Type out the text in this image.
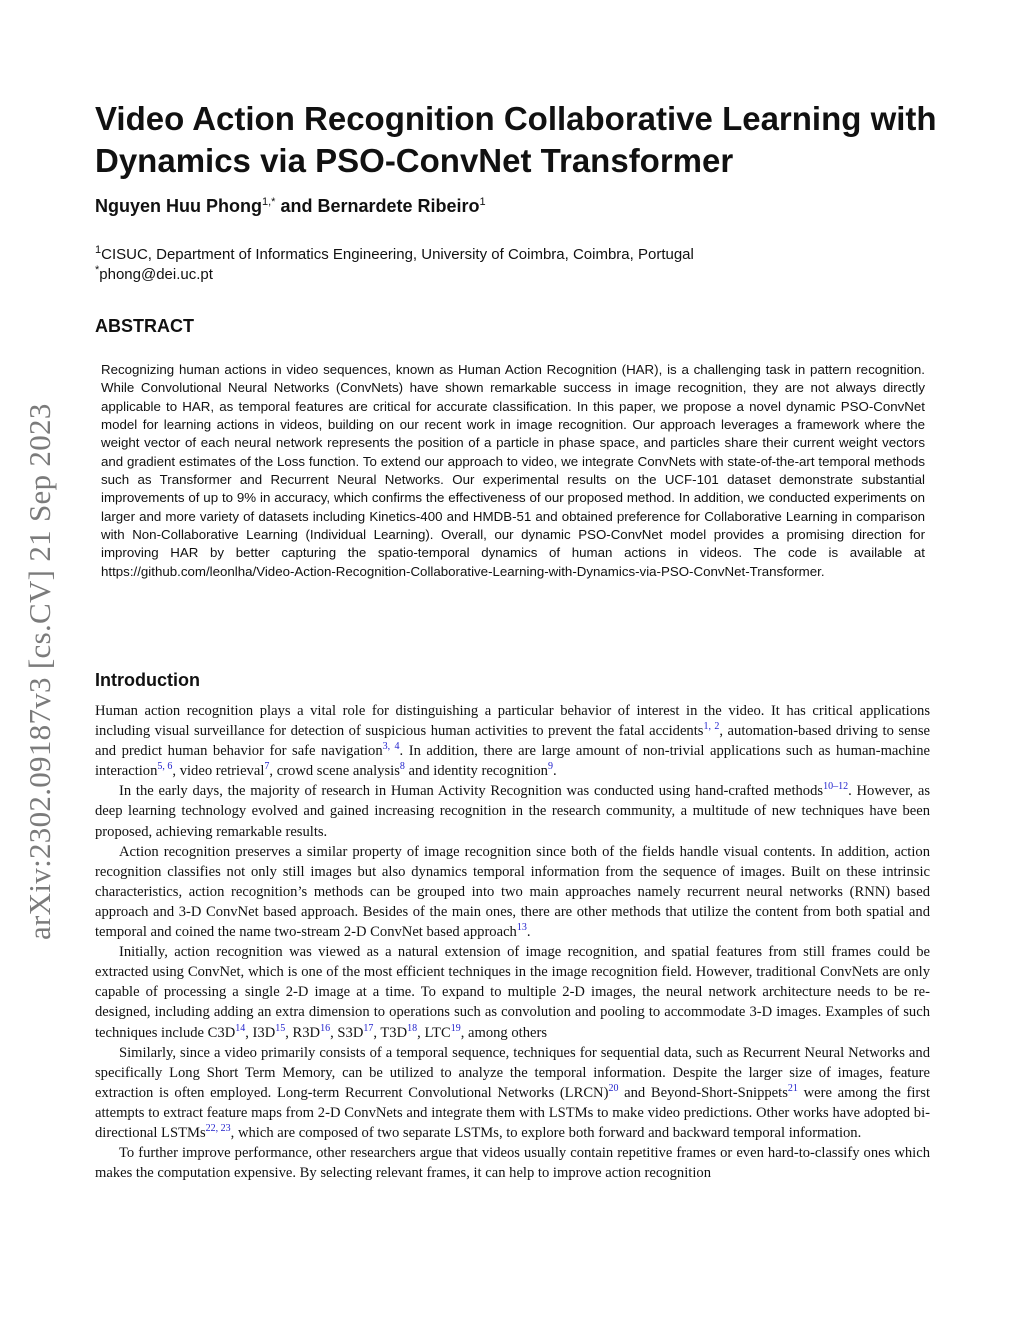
arXiv:2302.09187v3 [cs.CV] 21 Sep 2023
Video Action Recognition Collaborative Learning with Dynamics via PSO-ConvNet Transformer
Nguyen Huu Phong$^{1,*}$ and Bernardete Ribeiro$^1$
$^1$CISUC, Department of Informatics Engineering, University of Coimbra, Coimbra, Portugal
*phong@dei.uc.pt
ABSTRACT

Recognizing human actions in video sequences, known as Human Action Recognition (HAR), is a challenging task in pattern recognition. While Convolutional Neural Networks (ConvNets) have shown remarkable success in image recognition, they are not always directly applicable to HAR, as temporal features are critical for accurate classification. In this paper, we propose a novel dynamic PSO-ConvNet model for learning actions in videos, building on our recent work in image recognition. Our approach leverages a framework where the weight vector of each neural network represents the position of a particle in phase space, and particles share their current weight vectors and gradient estimates of the Loss function. To extend our approach to video, we integrate ConvNets with state-of-the-art temporal methods such as Transformer and Recurrent Neural Networks. Our experimental results on the UCF-101 dataset demonstrate substantial improvements of up to 9% in accuracy, which confirms the effectiveness of our proposed method. In addition, we conducted experiments on larger and more variety of datasets including Kinetics-400 and HMDB-51 and obtained preference for Collaborative Learning in comparison with Non-Collaborative Learning (Individual Learning). Overall, our dynamic PSO-ConvNet model provides a promising direction for improving HAR by better capturing the spatio-temporal dynamics of human actions in videos. The code is available at https://github.com/leonlha/Video-Action-Recognition-Collaborative-Learning-with-Dynamics-via-PSO-ConvNet-Transformer.

Introduction

Human action recognition plays a vital role for distinguishing a particular behavior of interest in the video. It has critical applications including visual surveillance for detection of suspicious human activities to prevent the fatal accidents$^{1, 2}$, automation-based driving to sense and predict human behavior for safe navigation$^{3, 4}$. In addition, there are large amount of non-trivial applications such as human-machine interaction$^{5, 6}$, video retrieval$^7$, crowd scene analysis$^8$ and identity recognition$^9$.

In the early days, the majority of research in Human Activity Recognition was conducted using hand-crafted methods$^{10-12}$. However, as deep learning technology evolved and gained increasing recognition in the research community, a multitude of new techniques have been proposed, achieving remarkable results.

Action recognition preserves a similar property of image recognition since both of the fields handle visual contents. In addition, action recognition classifies not only still images but also dynamics temporal information from the sequence of images. Built on these intrinsic characteristics, action recognition’s methods can be grouped into two main approaches namely recurrent neural networks (RNN) based approach and 3-D ConvNet based approach. Besides of the main ones, there are other methods that utilize the content from both spatial and temporal and coined the name two-stream 2-D ConvNet based approach$^{13}$.

Initially, action recognition was viewed as a natural extension of image recognition, and spatial features from still frames could be extracted using ConvNet, which is one of the most efficient techniques in the image recognition field. However, traditional ConvNets are only capable of processing a single 2-D image at a time. To expand to multiple 2-D images, the neural network architecture needs to be re-designed, including adding an extra dimension to operations such as convolution and pooling to accommodate 3-D images. Examples of such techniques include $C3D^{14}$, $I3D^{15}$, $R3D^{16}$, $S3D^{17}$, $T3D^{18}$, LTC$^{19}$, among others

Similarly, since a video primarily consists of a temporal sequence, techniques for sequential data, such as Recurrent Neural Networks and specifically Long Short Term Memory, can be utilized to analyze the temporal information. Despite the larger size of images, feature extraction is often employed. Long-term Recurrent Convolutional Networks (LRCN)$^{20}$ and Beyond-Short-Snippets$^{21}$ were among the first attempts to extract feature maps from 2-D ConvNets and integrate them with LSTMs to make video predictions. Other works have adopted bi-directional LSTMs$^{22, 23}$, which are composed of two separate LSTMs, to explore both forward and backward temporal information.

To further improve performance, other researchers argue that videos usually contain repetitive frames or even hard-to-classify ones which makes the computation expensive. By selecting relevant frames, it can help to improve action recognition
